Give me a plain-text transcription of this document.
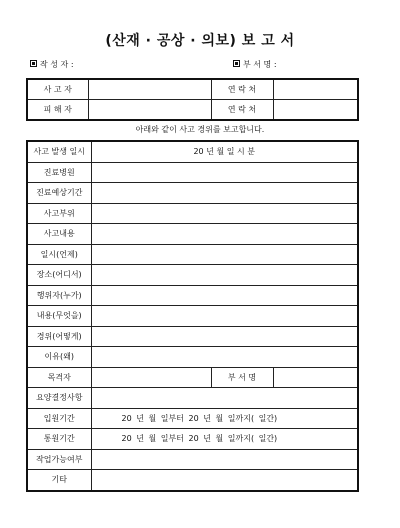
(산재 · 공상 · 의보) 보 고 서
작 성 자 :	부 서 명 :
사 고 자		연 락 처	
피 해 자		연 락 처	
아래와 같이 사고 경위를 보고합니다.
사고 발생 일시	20 년 월 일 시 분		
진료병원			
진료예상기간			
사고부위			
사고내용			
일시(언제)			
장소(어디서)			
행위자(누가)			
내용(무엇을)			
경위(어떻게)			
이유(왜)			
목격자		부 서 명	
요양결정사항			
입원기간	20 년 월 일부터 20 년 월 일까지( 일간)		
통원기간	20 년 월 일부터 20 년 월 일까지( 일간)		
작업가능여부			
기타			
